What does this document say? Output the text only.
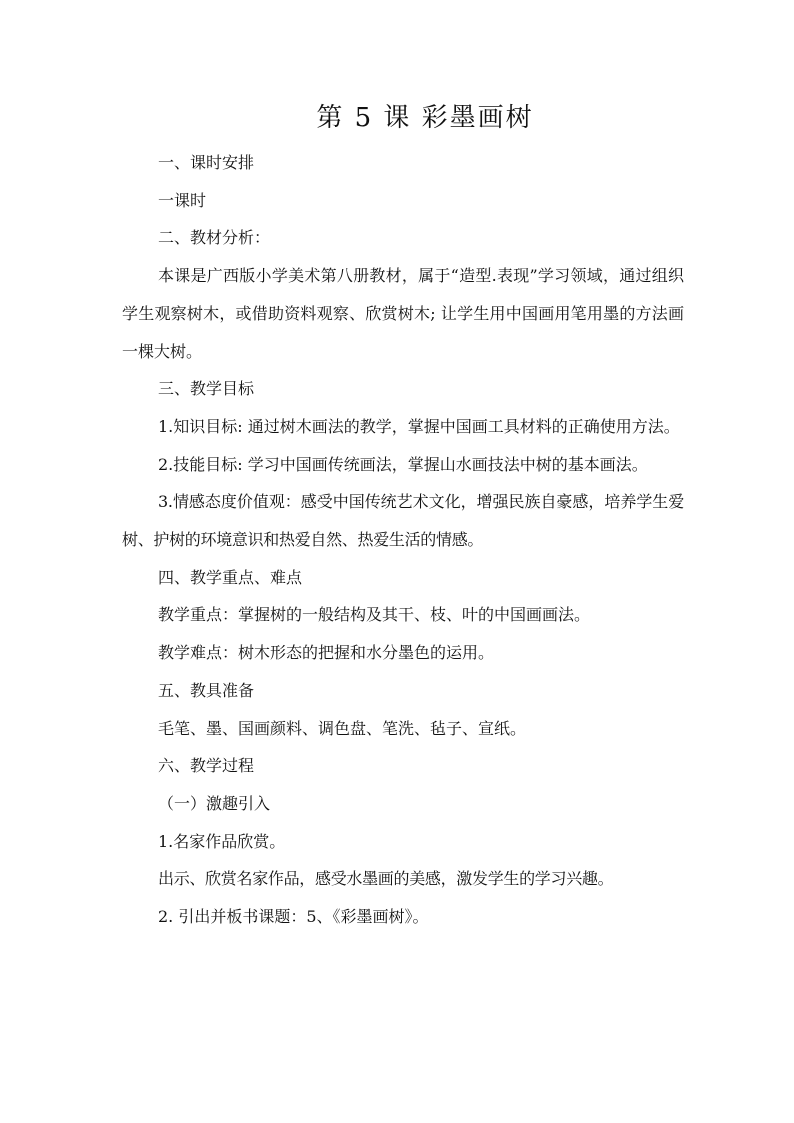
第 5 课 彩墨画树

一、课时安排

一课时

二、教材分析：

本课是广西版小学美术第八册教材，属于“造型.表现”学习领域，通过组织学生观察树木，或借助资料观察、欣赏树木; 让学生用中国画用笔用墨的方法画一棵大树。

三、教学目标

1.知识目标: 通过树木画法的教学，掌握中国画工具材料的正确使用方法。

2.技能目标: 学习中国画传统画法，掌握山水画技法中树的基本画法。

3.情感态度价值观：感受中国传统艺术文化，增强民族自豪感，培养学生爱树、护树的环境意识和热爱自然、热爱生活的情感。

四、教学重点、难点

教学重点：掌握树的一般结构及其干、枝、叶的中国画画法。

教学难点：树木形态的把握和水分墨色的运用。

五、教具准备

毛笔、墨、国画颜料、调色盘、笔洗、毡子、宣纸。

六、教学过程

（一）激趣引入

1.名家作品欣赏。

出示、欣赏名家作品，感受水墨画的美感，激发学生的学习兴趣。

2. 引出并板书课题：5、《彩墨画树》。
